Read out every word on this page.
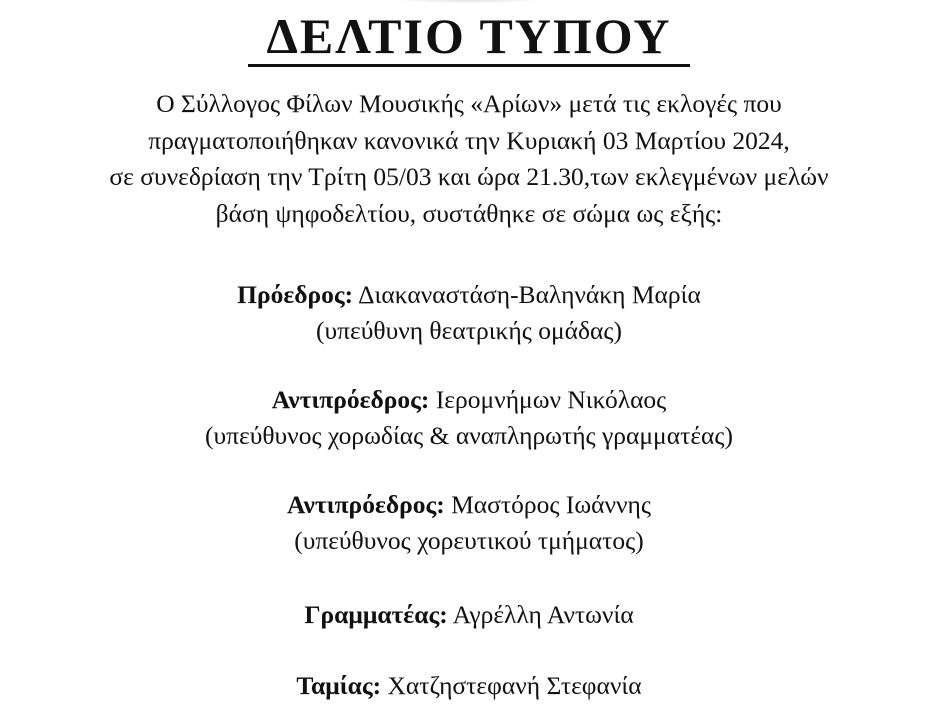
ΔΕΛΤΙΟ ΤΥΠΟΥ
Ο Σύλλογος Φίλων Μουσικής «Αρίων» μετά τις εκλογές που
πραγματοποιήθηκαν κανονικά την Κυριακή 03 Μαρτίου 2024,
σε συνεδρίαση την Τρίτη 05/03 και ώρα 21.30,των εκλεγμένων μελών
βάση ψηφοδελτίου, συστάθηκε σε σώμα ως εξής:
Πρόεδρος: Διακαναστάση-Βαληνάκη Μαρία
(υπεύθυνη θεατρικής ομάδας)
Αντιπρόεδρος: Ιερομνήμων Νικόλαος
(υπεύθυνος χορωδίας & αναπληρωτής γραμματέας)
Αντιπρόεδρος: Μαστόρος Ιωάννης
(υπεύθυνος χορευτικού τμήματος)
Γραμματέας: Αγρέλλη Αντωνία
Ταμίας: Χατζηστεφανή Στεφανία
